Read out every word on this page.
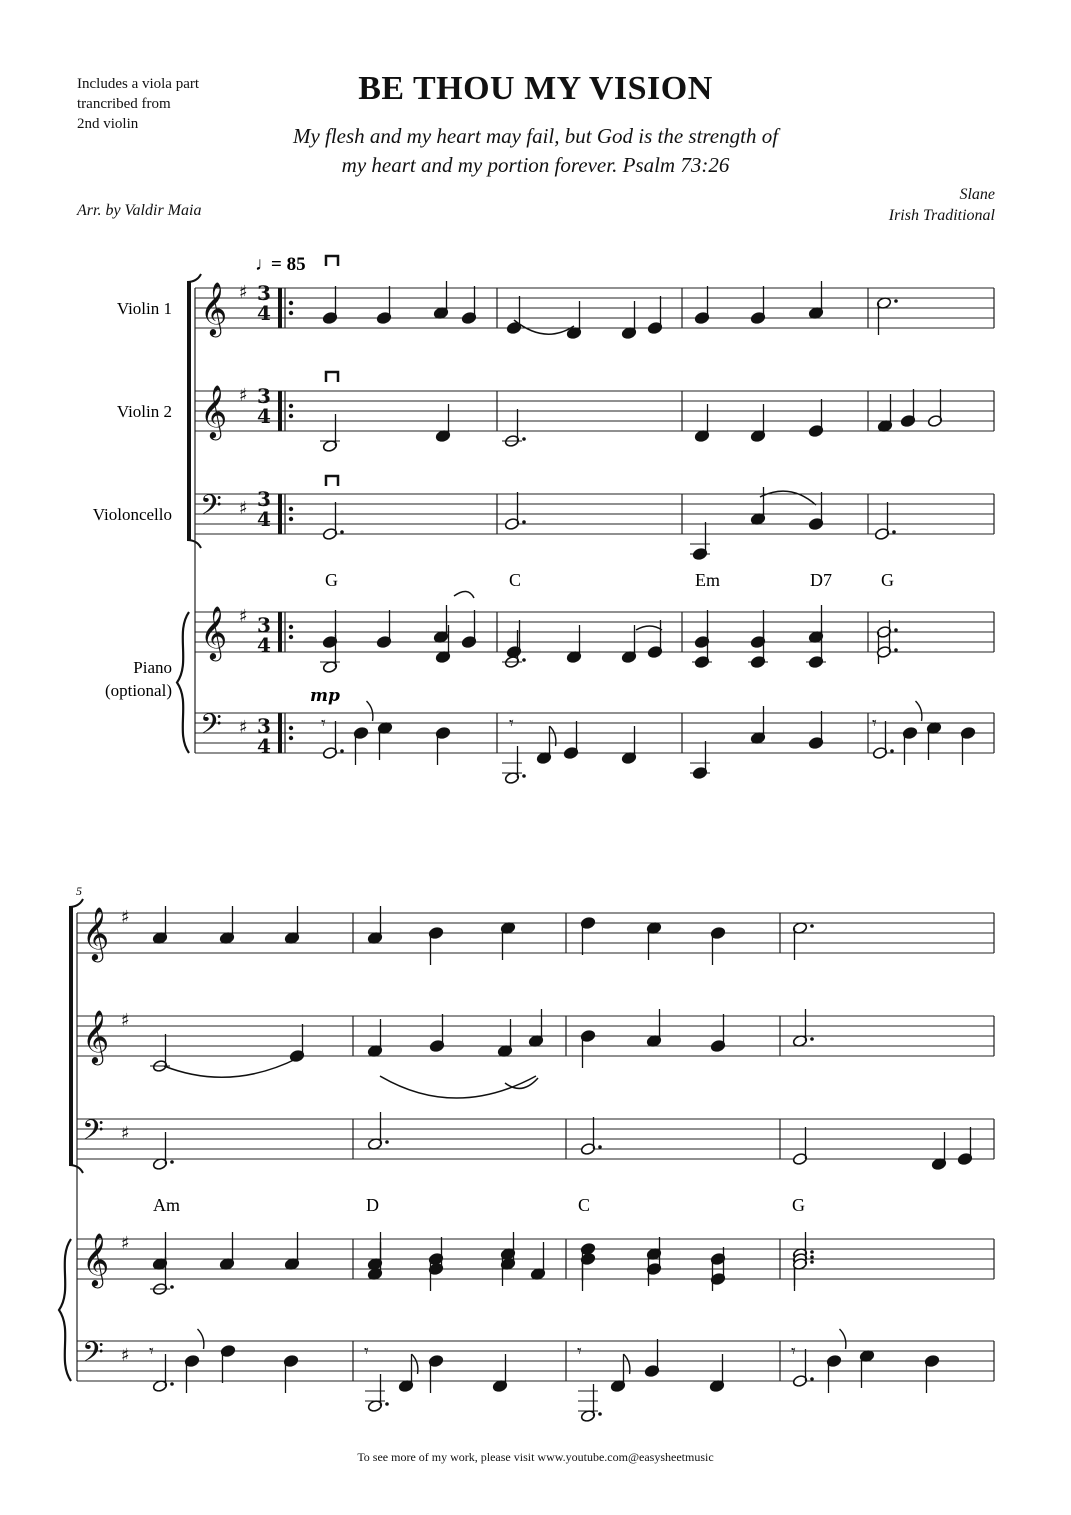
BE THOU MY VISION
My flesh and my heart may fail, but God is the strength of
my heart and my portion forever. Psalm 73:26
Includes a viola part
trancribed from
2nd violin
Arr. by Valdir Maia
Slane
Irish Traditional
𝄞 ♯
𝄞 ♯
𝄢 ♯
𝄞 ♯
𝄢 ♯
𝄞 ♯
𝄞 ♯
𝄢 ♯
𝄞 ♯
𝄢 ♯
𝄾	𝄾	𝄾
𝄾	𝄾	𝄾	𝄾
Violin 1
Violin 2
Violoncello
Piano
(optional)
♩
= 85
G	C	Em	D7	G
Am	D	C	G
mp
5
3
4
3
4
3
4
3
4
3
4
To see more of my work, please visit www.youtube.com@easysheetmusic
